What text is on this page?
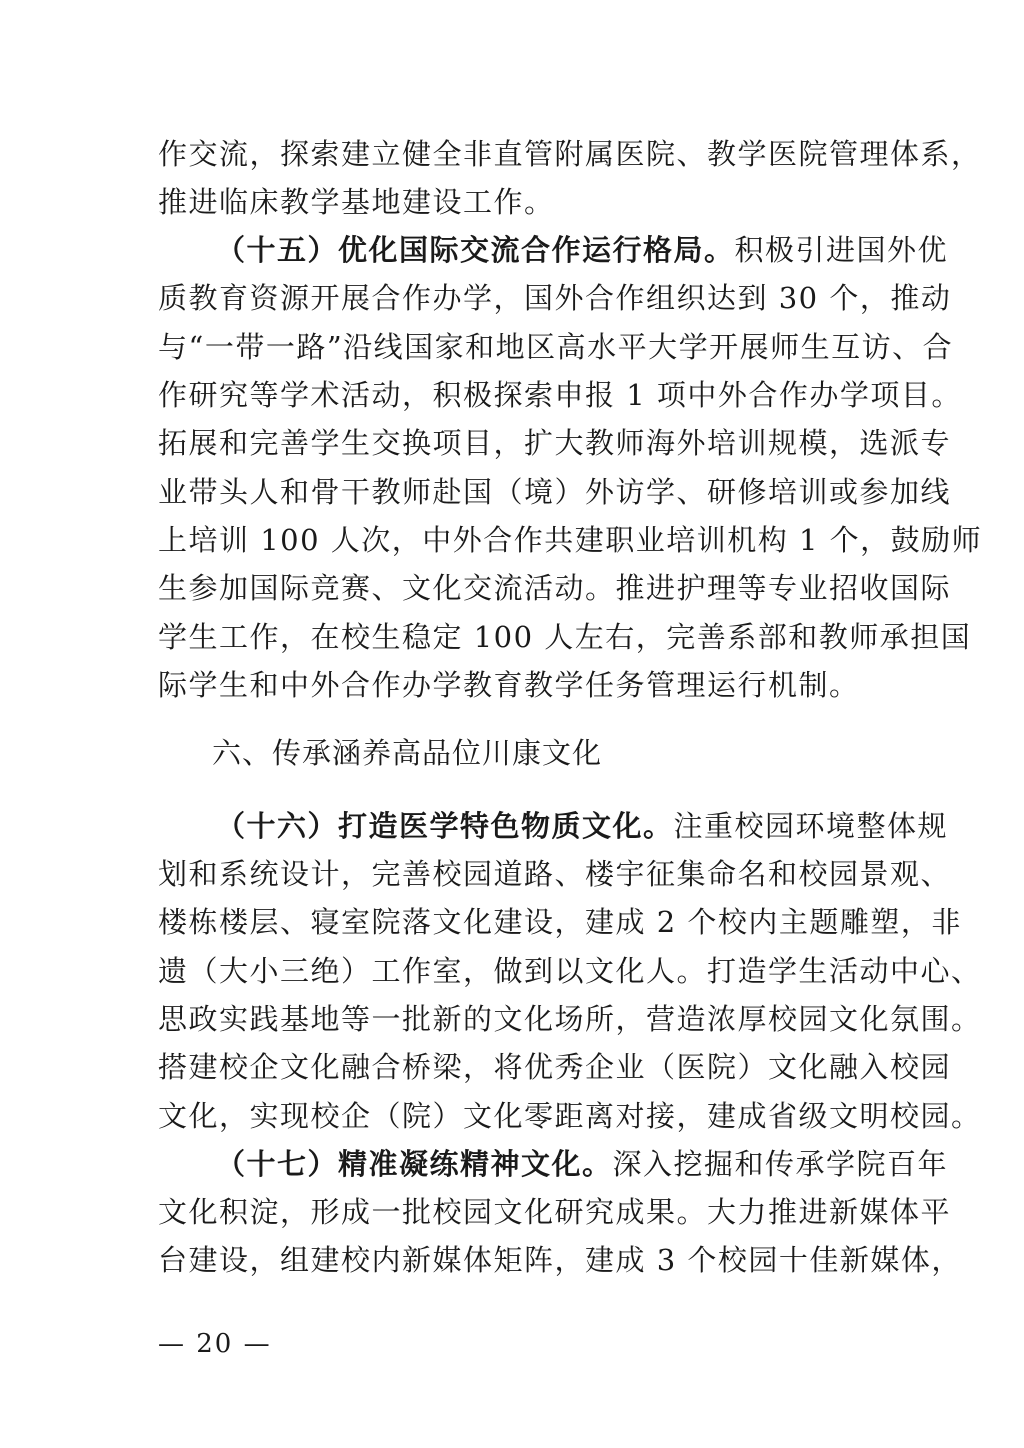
作交流，探索建立健全非直管附属医院、教学医院管理体系，
推进临床教学基地建设工作。
（十五）优化国际交流合作运行格局。积极引进国外优
质教育资源开展合作办学，国外合作组织达到 30 个，推动
与“一带一路”沿线国家和地区高水平大学开展师生互访、合
作研究等学术活动，积极探索申报 1 项中外合作办学项目。
拓展和完善学生交换项目，扩大教师海外培训规模，选派专
业带头人和骨干教师赴国（境）外访学、研修培训或参加线
上培训 100 人次，中外合作共建职业培训机构 1 个，鼓励师
生参加国际竞赛、文化交流活动。推进护理等专业招收国际
学生工作，在校生稳定 100 人左右，完善系部和教师承担国
际学生和中外合作办学教育教学任务管理运行机制。
六、传承涵养高品位川康文化
（十六）打造医学特色物质文化。注重校园环境整体规
划和系统设计，完善校园道路、楼宇征集命名和校园景观、
楼栋楼层、寝室院落文化建设，建成 2 个校内主题雕塑，非
遗（大小三绝）工作室，做到以文化人。打造学生活动中心、
思政实践基地等一批新的文化场所，营造浓厚校园文化氛围。
搭建校企文化融合桥梁，将优秀企业（医院）文化融入校园
文化，实现校企（院）文化零距离对接，建成省级文明校园。
（十七）精准凝练精神文化。深入挖掘和传承学院百年
文化积淀，形成一批校园文化研究成果。大力推进新媒体平
台建设，组建校内新媒体矩阵，建成 3 个校园十佳新媒体，
— 20 —
